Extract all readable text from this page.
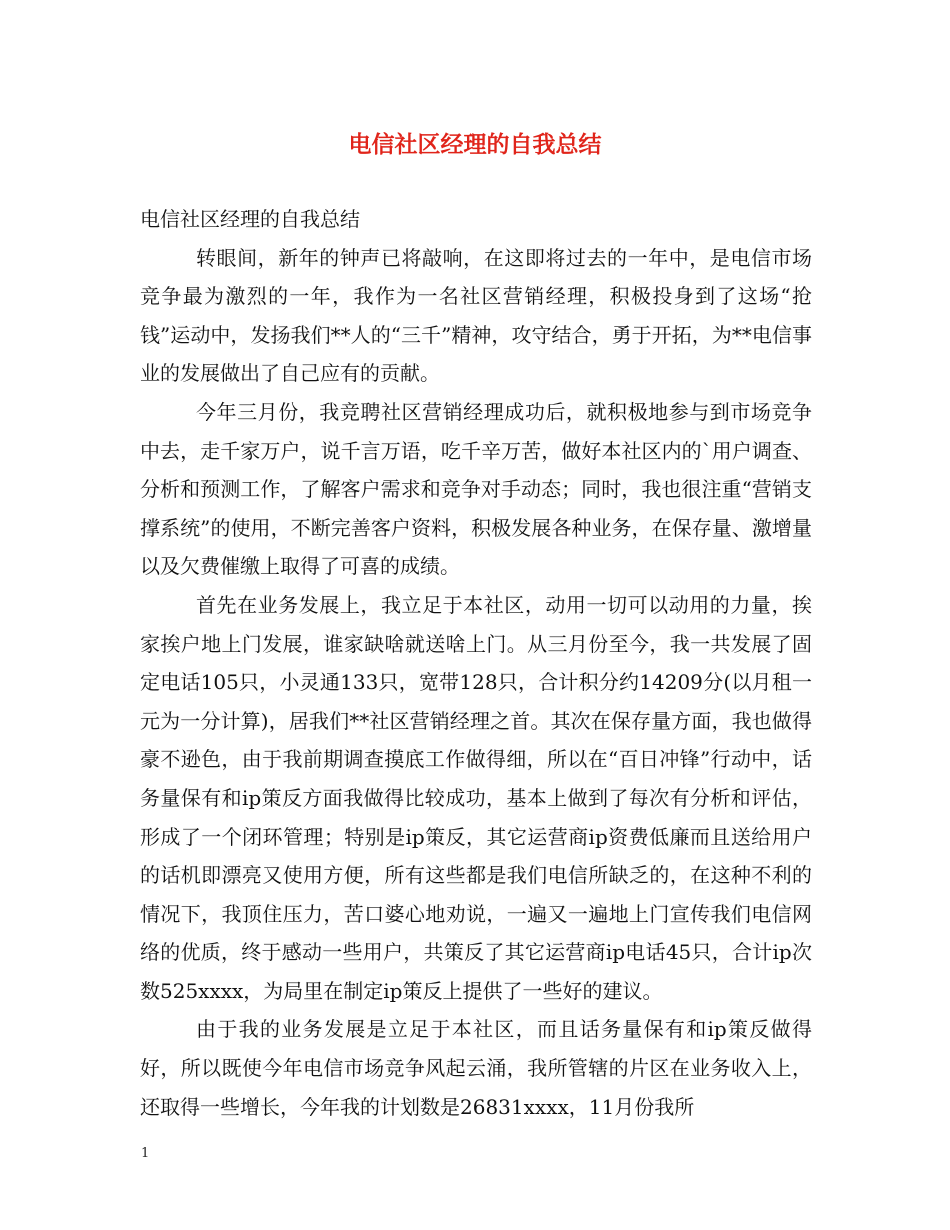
电信社区经理的自我总结

电信社区经理的自我总结

转眼间，新年的钟声已将敲响，在这即将过去的一年中，是电信市场竞争最为激烈的一年，我作为一名社区营销经理，积极投身到了这场“抢钱”运动中，发扬我们**人的“三千”精神，攻守结合，勇于开拓，为**电信事业的发展做出了自己应有的贡献。

今年三月份，我竞聘社区营销经理成功后，就积极地参与到市场竞争中去，走千家万户，说千言万语，吃千辛万苦，做好本社区内的`用户调查、分析和预测工作，了解客户需求和竞争对手动态；同时，我也很注重“营销支撑系统”的使用，不断完善客户资料，积极发展各种业务，在保存量、激增量以及欠费催缴上取得了可喜的成绩。

首先在业务发展上，我立足于本社区，动用一切可以动用的力量，挨家挨户地上门发展，谁家缺啥就送啥上门。从三月份至今，我一共发展了固定电话105只，小灵通133只，宽带128只，合计积分约14209分(以月租一元为一分计算)，居我们**社区营销经理之首。其次在保存量方面，我也做得豪不逊色，由于我前期调查摸底工作做得细，所以在“百日冲锋”行动中，话务量保有和ip策反方面我做得比较成功，基本上做到了每次有分析和评估，形成了一个闭环管理；特别是ip策反，其它运营商ip资费低廉而且送给用户的话机即漂亮又使用方便，所有这些都是我们电信所缺乏的，在这种不利的情况下，我顶住压力，苦口婆心地劝说，一遍又一遍地上门宣传我们电信网络的优质，终于感动一些用户，共策反了其它运营商ip电话45只，合计ip次数525xxxx，为局里在制定ip策反上提供了一些好的建议。

由于我的业务发展是立足于本社区，而且话务量保有和ip策反做得好，所以既使今年电信市场竞争风起云涌，我所管辖的片区在业务收入上，还取得一些增长，今年我的计划数是26831xxxx，11月份我所

1
